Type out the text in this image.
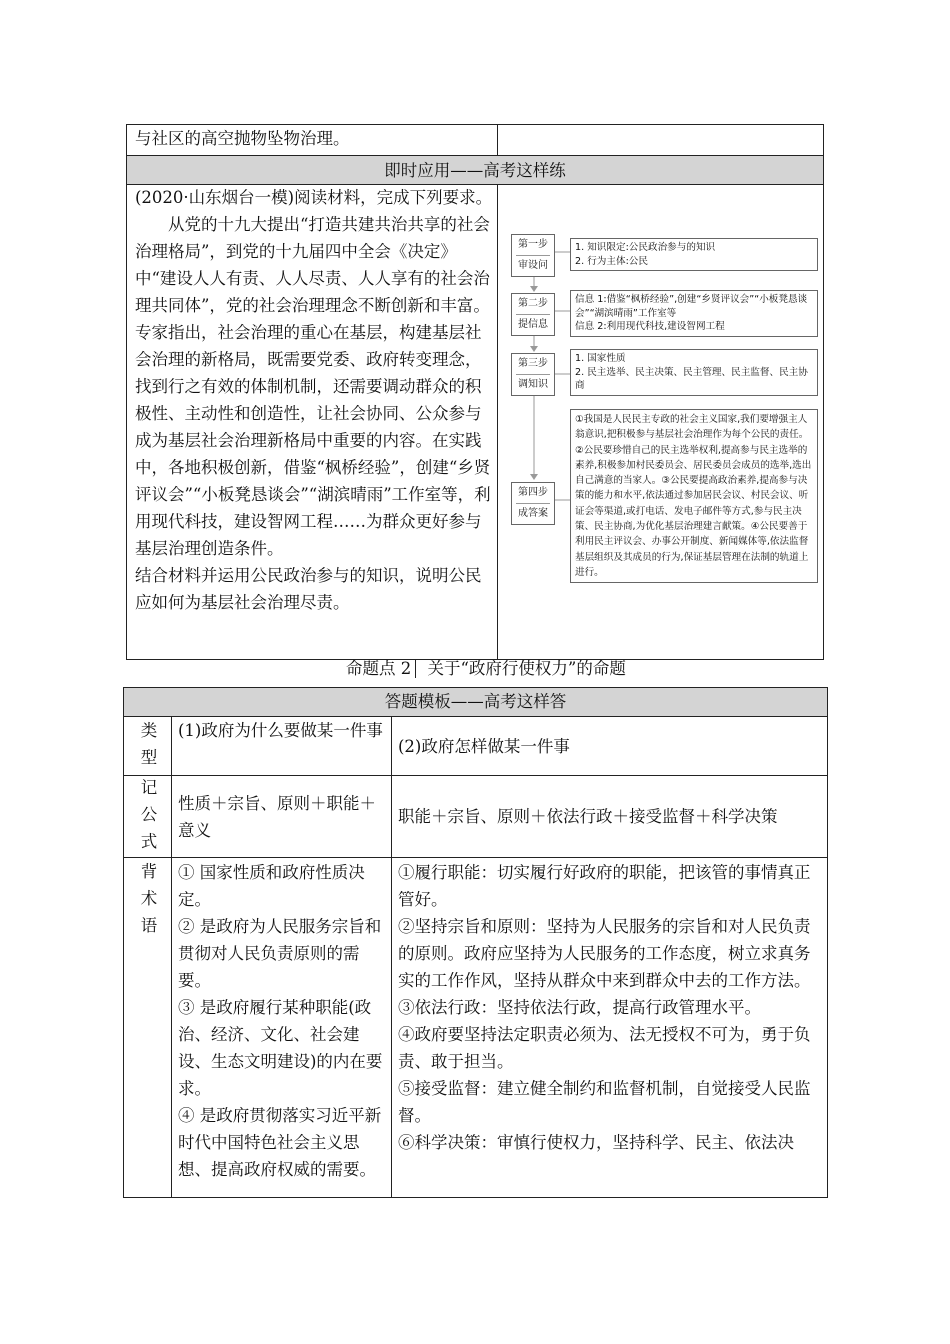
与社区的高空抛物坠物治理。
即时应用——高考这样练
(2020·山东烟台一模)阅读材料，完成下列要求。
从党的十九大提出“打造共建共治共享的社会治理格局”，到党的十九届四中全会《决定》中“建设人人有责、人人尽责、人人享有的社会治理共同体”，党的社会治理理念不断创新和丰富。专家指出，社会治理的重心在基层，构建基层社会治理的新格局，既需要党委、政府转变理念，找到行之有效的体制机制，还需要调动群众的积极性、主动性和创造性，让社会协同、公众参与成为基层社会治理新格局中重要的内容。在实践中，各地积极创新，借鉴“枫桥经验”，创建“乡贤评议会”“小板凳恳谈会”“湖滨晴雨”工作室等，利用现代科技，建设智网工程……为群众更好参与基层治理创造条件。
结合材料并运用公民政治参与的知识，说明公民应如何为基层社会治理尽责。
第一步
审设问
1. 知识限定:公民政治参与的知识
2. 行为主体:公民
第二步
提信息
信息 1:借鉴“枫桥经验”,创建“乡贤评议会”“小板凳恳谈会”“湖滨晴雨”工作室等
信息 2:利用现代科技,建设智网工程
第三步
调知识
1. 国家性质
2. 民主选举、民主决策、民主管理、民主监督、民主协商
第四步
成答案
①我国是人民民主专政的社会主义国家,我们要增强主人翁意识,把积极参与基层社会治理作为每个公民的责任。②公民要珍惜自己的民主选举权利,提高参与民主选举的素养,积极参加村民委员会、居民委员会成员的选举,选出自己满意的当家人。③公民要提高政治素养,提高参与决策的能力和水平,依法通过参加居民会议、村民会议、听证会等渠道,或打电话、发电子邮件等方式,参与民主决策、民主协商,为优化基层治理建言献策。④公民要善于利用民主评议会、办事公开制度、新闻媒体等,依法监督基层组织及其成员的行为,保证基层管理在法制的轨道上进行。
命题点 2 关于“政府行使权力”的命题
答题模板——高考这样答
类型

(1)政府为什么要做某一件事

(2)政府怎样做某一件事

记公式

性质＋宗旨、原则＋职能＋意义

职能＋宗旨、原则＋依法行政＋接受监督＋科学决策

背术语

① 国家性质和政府性质决定。

② 是政府为人民服务宗旨和贯彻对人民负责原则的需要。

③ 是政府履行某种职能(政治、经济、文化、社会建设、生态文明建设)的内在要求。

④ 是政府贯彻落实习近平新时代中国特色社会主义思想、提高政府权威的需要。

①履行职能：切实履行好政府的职能，把该管的事情真正管好。

②坚持宗旨和原则：坚持为人民服务的宗旨和对人民负责的原则。政府应坚持为人民服务的工作态度，树立求真务实的工作作风，坚持从群众中来到群众中去的工作方法。

③依法行政：坚持依法行政，提高行政管理水平。

④政府要坚持法定职责必须为、法无授权不可为，勇于负责、敢于担当。

⑤接受监督：建立健全制约和监督机制，自觉接受人民监督。

⑥科学决策：审慎行使权力，坚持科学、民主、依法决
